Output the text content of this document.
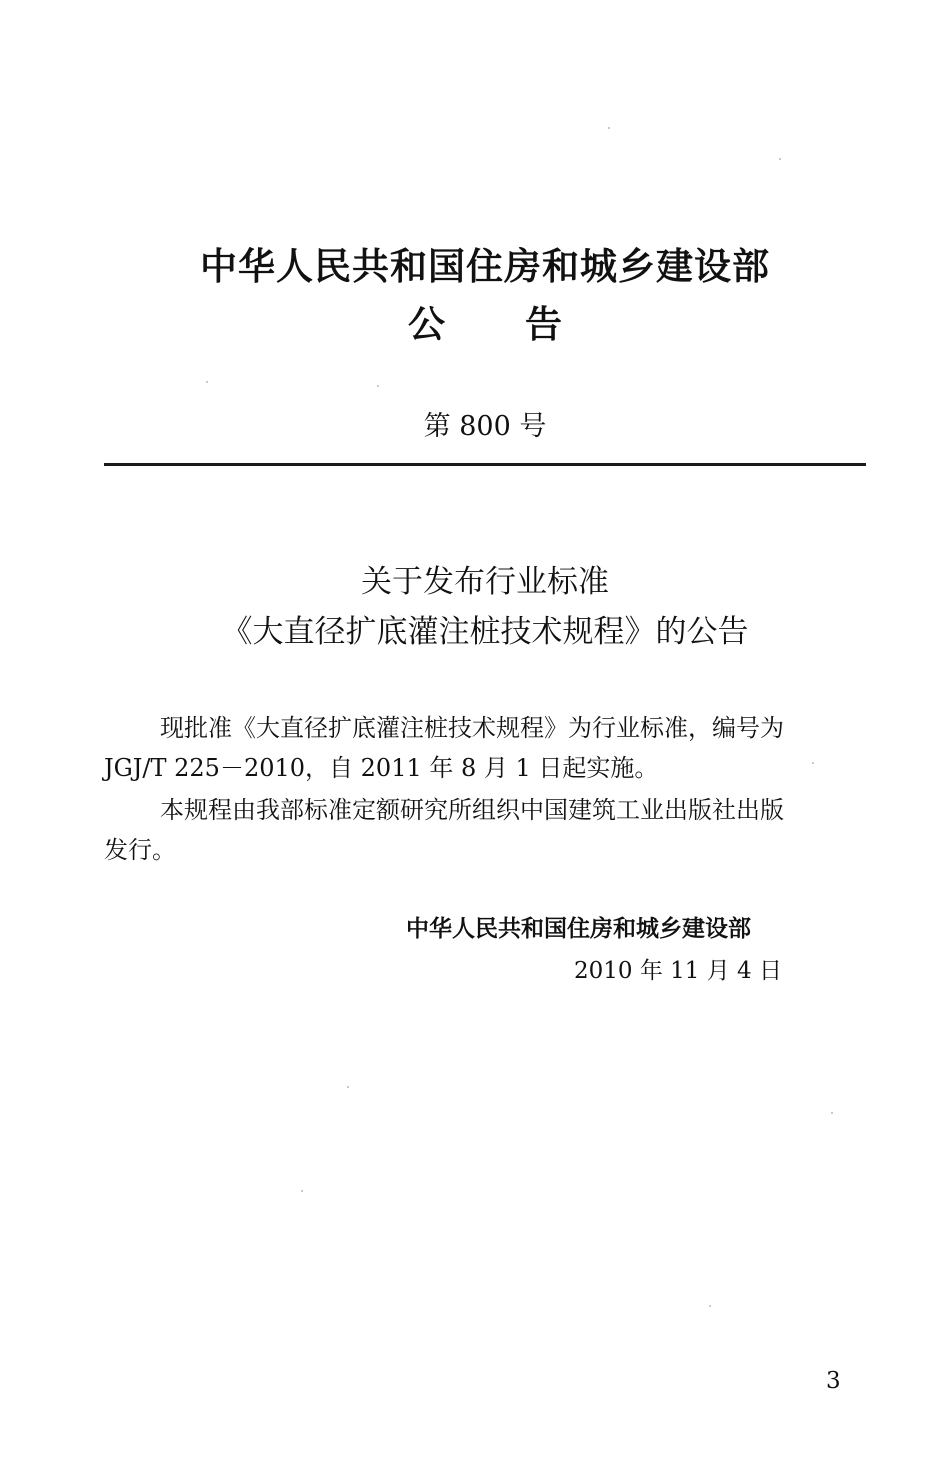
中华人民共和国住房和城乡建设部
公告
第 800 号
关于发布行业标准
《大直径扩底灌注桩技术规程》的公告
现批准《大直径扩底灌注桩技术规程》为行业标准，编号为
JGJ/T 225－2010，自 2011 年 8 月 1 日起实施。
本规程由我部标准定额研究所组织中国建筑工业出版社出版
发行。
中华人民共和国住房和城乡建设部
2010 年 11 月 4 日
3
